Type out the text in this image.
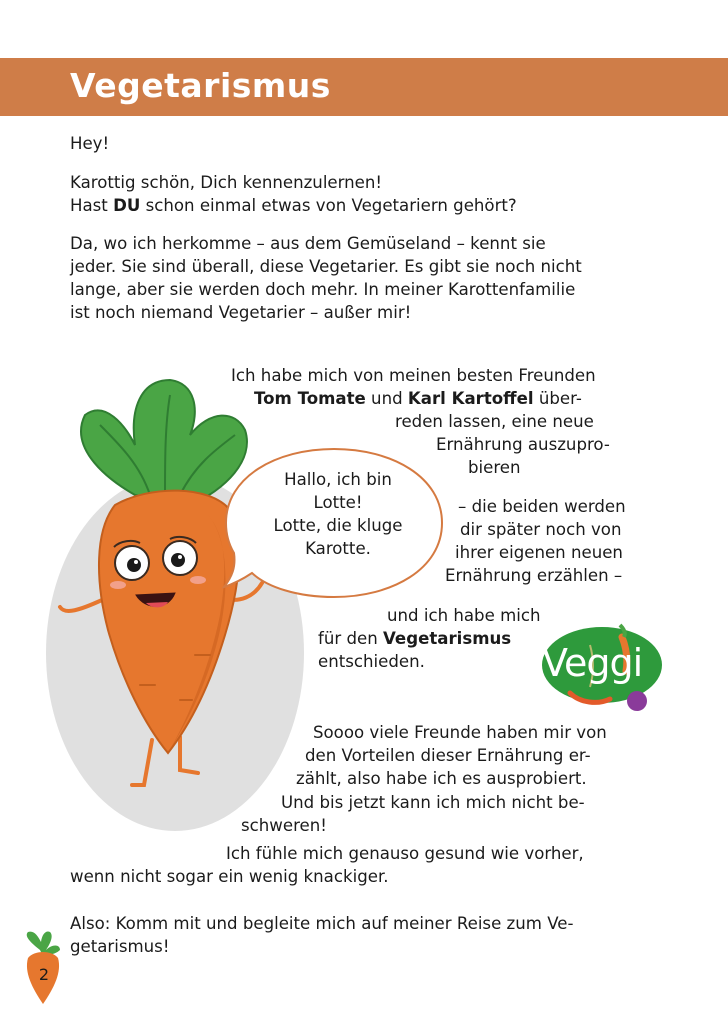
Vegetarismus

Hey!

Karottig schön, Dich kennenzulernen!
Hast DU schon einmal etwas von Vegetariern gehört?

Da, wo ich herkomme – aus dem Gemüseland – kennt sie
jeder. Sie sind überall, diese Vegetarier. Es gibt sie noch nicht
lange, aber sie werden doch mehr. In meiner Karottenfamilie
ist noch niemand Vegetarier – außer mir!

Hallo, ich bin
Lotte!
Lotte, die kluge
Karotte.

Ich habe mich von meinen besten Freunden

Tom Tomate und Karl Kartoffel über-

reden lassen, eine neue

Ernährung auszupro-

bieren

– die beiden werden

dir später noch von

ihrer eigenen neuen

Ernährung erzählen –

und ich habe mich

für den Vegetarismus

entschieden.	Veggi

Soooo viele Freunde haben mir von

den Vorteilen dieser Ernährung er-

zählt, also habe ich es ausprobiert.

Und bis jetzt kann ich mich nicht be-

schweren!

Ich fühle mich genauso gesund wie vorher,

wenn nicht sogar ein wenig knackiger.

Also: Komm mit und begleite mich auf meiner Reise zum Ve-

getarismus!

2
